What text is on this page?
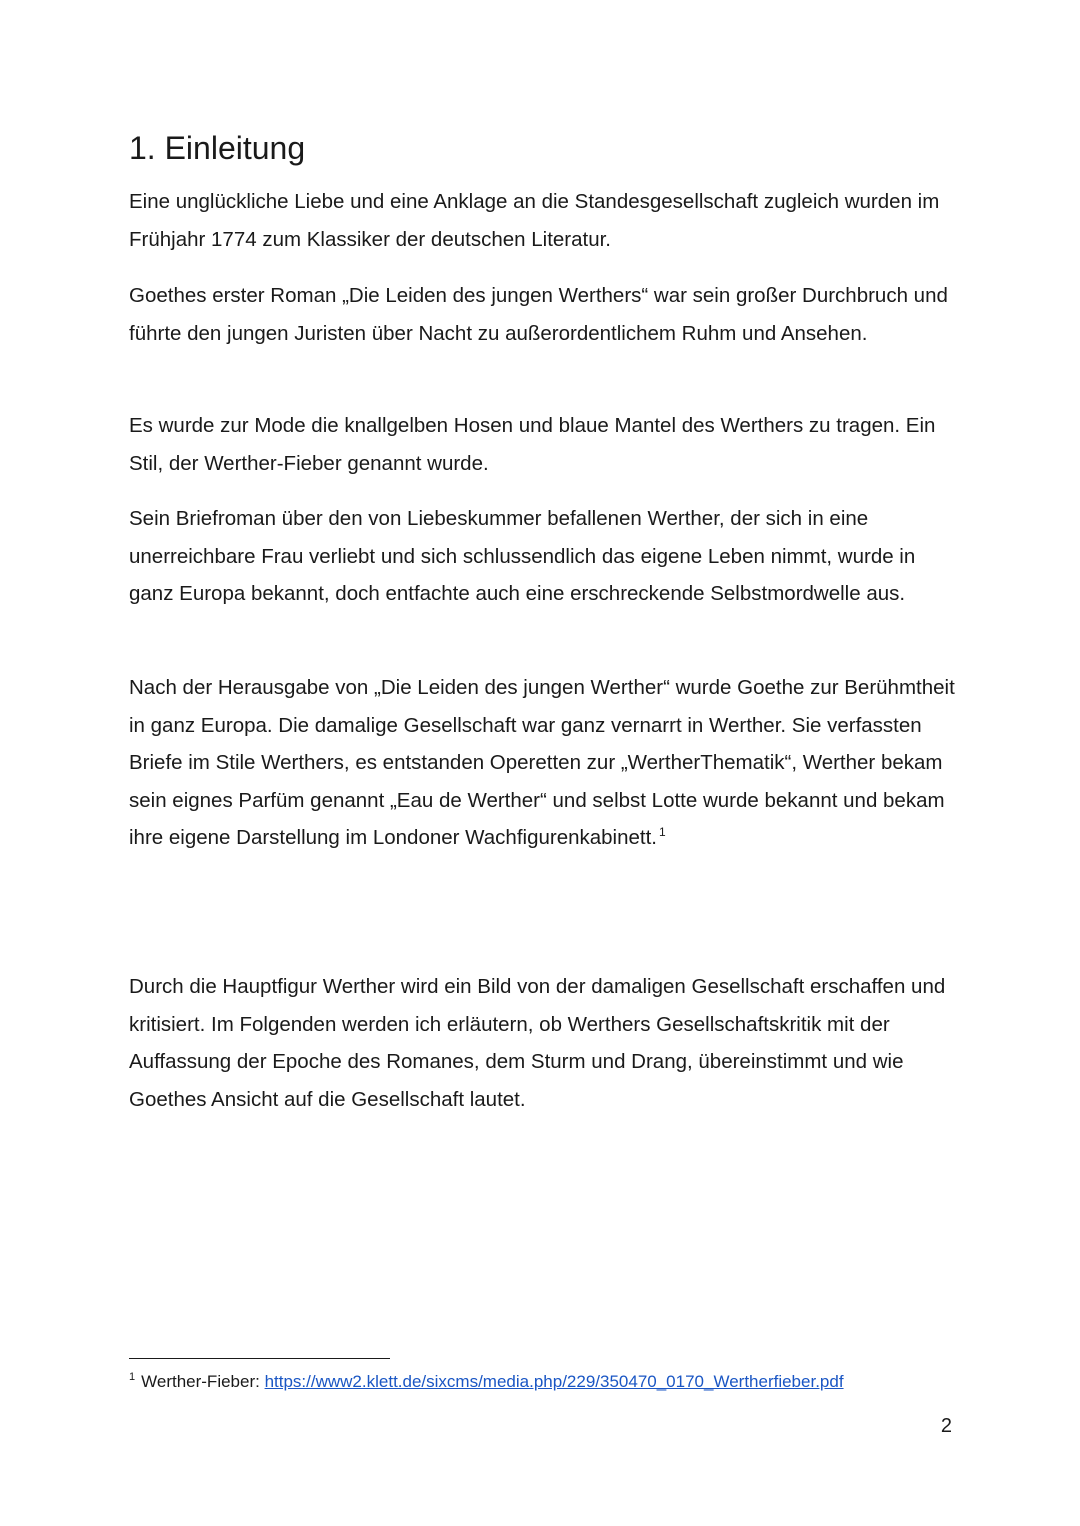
1. Einleitung

Eine unglückliche Liebe und eine Anklage an die Standesgesellschaft zugleich wurden im Frühjahr 1774 zum Klassiker der deutschen Literatur.

Goethes erster Roman „Die Leiden des jungen Werthers“ war sein großer Durchbruch und führte den jungen Juristen über Nacht zu außerordentlichem Ruhm und Ansehen.

Es wurde zur Mode die knallgelben Hosen und blaue Mantel des Werthers zu tragen. Ein Stil, der Werther-Fieber genannt wurde.

Sein Briefroman über den von Liebeskummer befallenen Werther, der sich in eine unerreichbare Frau verliebt und sich schlussendlich das eigene Leben nimmt, wurde in ganz Europa bekannt, doch entfachte auch eine erschreckende Selbstmordwelle aus.

Nach der Herausgabe von „Die Leiden des jungen Werther“ wurde Goethe zur Berühmtheit in ganz Europa. Die damalige Gesellschaft war ganz vernarrt in Werther. Sie verfassten Briefe im Stile Werthers, es entstanden Operetten zur „WertherThematik“, Werther bekam sein eignes Parfüm genannt „Eau de Werther“ und selbst Lotte wurde bekannt und bekam ihre eigene Darstellung im Londoner Wachfigurenkabinett. $^1$

Durch die Hauptfigur Werther wird ein Bild von der damaligen Gesellschaft erschaffen und kritisiert. Im Folgenden werden ich erläutern, ob Werthers Gesellschaftskritik mit der Auffassung der Epoche des Romanes, dem Sturm und Drang, übereinstimmt und wie Goethes Ansicht auf die Gesellschaft lautet.

$^1$ Werther-Fieber: https://www2.klett.de/sixcms/media.php/229/350470_0170_Wertherfieber.pdf
2
